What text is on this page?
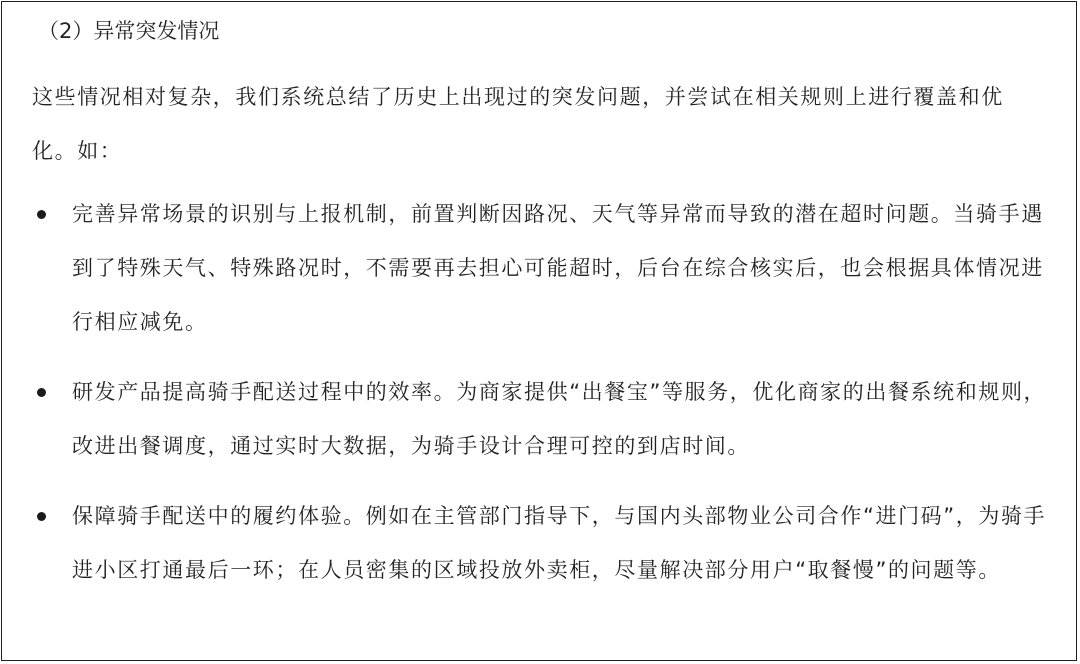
（2）异常突发情况

这些情况相对复杂，我们系统总结了历史上出现过的突发问题，并尝试在相关规则上进行覆盖和优化。如：

完善异常场景的识别与上报机制，前置判断因路况、天气等异常而导致的潜在超时问题。当骑手遇到了特殊天气、特殊路况时，不需要再去担心可能超时，后台在综合核实后，也会根据具体情况进行相应减免。
研发产品提高骑手配送过程中的效率。为商家提供“出餐宝”等服务，优化商家的出餐系统和规则，改进出餐调度，通过实时大数据，为骑手设计合理可控的到店时间。
保障骑手配送中的履约体验。例如在主管部门指导下，与国内头部物业公司合作“进门码”，为骑手进小区打通最后一环；在人员密集的区域投放外卖柜，尽量解决部分用户“取餐慢”的问题等。
